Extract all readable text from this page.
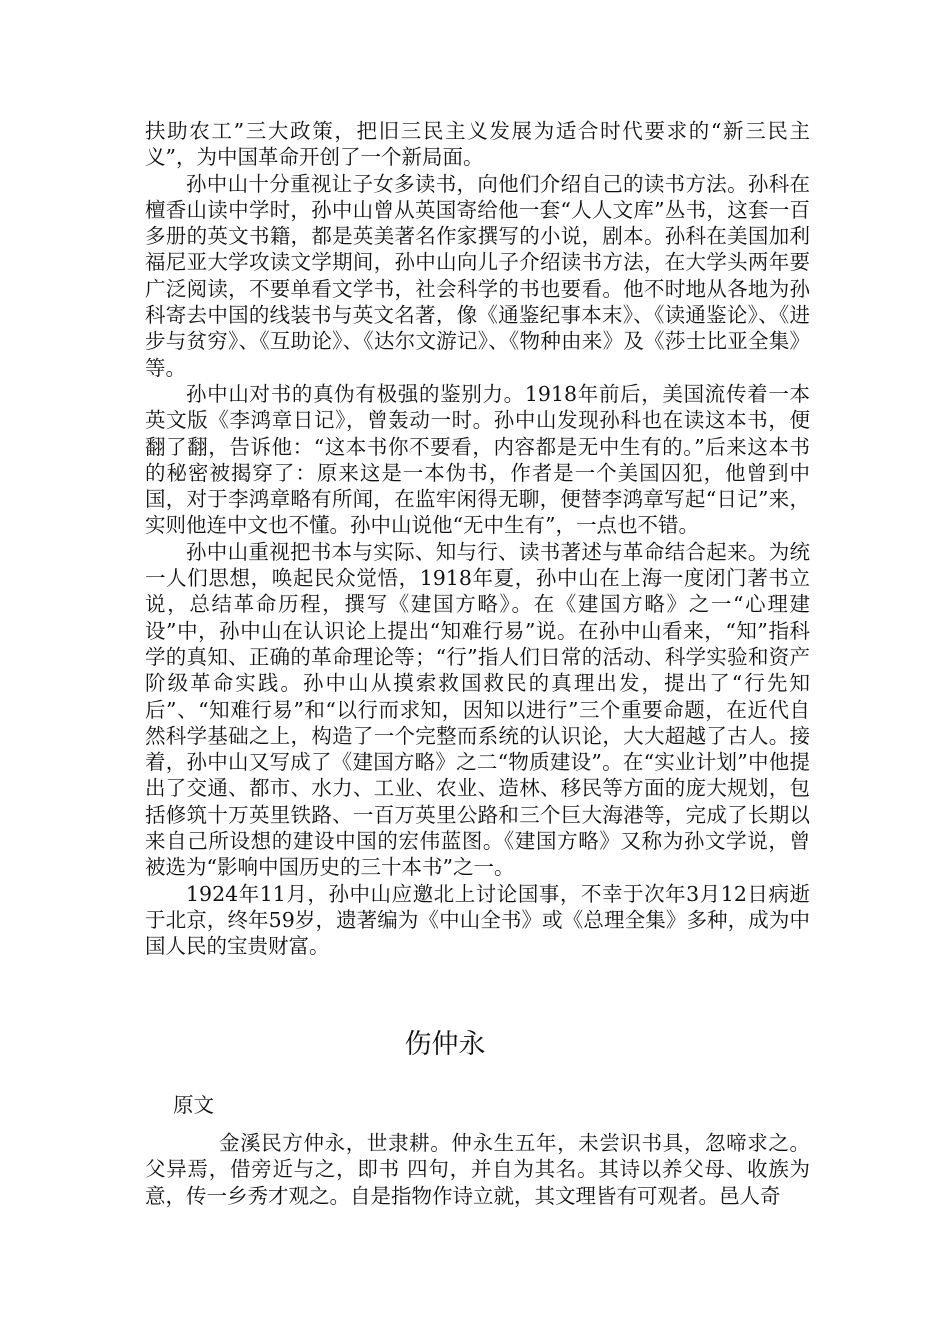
扶助农工”三大政策，把旧三民主义发展为适合时代要求的“新三民主义”，为中国革命开创了一个新局面。

孙中山十分重视让子女多读书，向他们介绍自己的读书方法。孙科在檀香山读中学时，孙中山曾从英国寄给他一套“人人文库”丛书，这套一百多册的英文书籍，都是英美著名作家撰写的小说，剧本。孙科在美国加利福尼亚大学攻读文学期间，孙中山向儿子介绍读书方法，在大学头两年要广泛阅读，不要单看文学书，社会科学的书也要看。他不时地从各地为孙科寄去中国的线装书与英文名著，像《通鉴纪事本末》、《读通鉴论》、《进步与贫穷》、《互助论》、《达尔文游记》、《物种由来》及《莎士比亚全集》等。

孙中山对书的真伪有极强的鉴别力。1918年前后，美国流传着一本英文版《李鸿章日记》，曾轰动一时。孙中山发现孙科也在读这本书，便翻了翻，告诉他：“这本书你不要看，内容都是无中生有的。”后来这本书的秘密被揭穿了：原来这是一本伪书，作者是一个美国囚犯，他曾到中国，对于李鸿章略有所闻，在监牢闲得无聊，便替李鸿章写起“日记”来，实则他连中文也不懂。孙中山说他“无中生有”，一点也不错。

孙中山重视把书本与实际、知与行、读书著述与革命结合起来。为统一人们思想，唤起民众觉悟，1918年夏，孙中山在上海一度闭门著书立说，总结革命历程，撰写《建国方略》。在《建国方略》之一“心理建设”中，孙中山在认识论上提出“知难行易”说。在孙中山看来，“知”指科学的真知、正确的革命理论等；“行”指人们日常的活动、科学实验和资产阶级革命实践。孙中山从摸索救国救民的真理出发，提出了“行先知后”、“知难行易”和“以行而求知，因知以进行”三个重要命题，在近代自然科学基础之上，构造了一个完整而系统的认识论，大大超越了古人。接着，孙中山又写成了《建国方略》之二“物质建设”。在“实业计划”中他提出了交通、都市、水力、工业、农业、造林、移民等方面的庞大规划，包括修筑十万英里铁路、一百万英里公路和三个巨大海港等，完成了长期以来自己所设想的建设中国的宏伟蓝图。《建国方略》又称为孙文学说，曾被选为“影响中国历史的三十本书”之一。

1924年11月，孙中山应邀北上讨论国事，不幸于次年3月12日病逝于北京，终年59岁，遗著编为《中山全书》或《总理全集》多种，成为中国人民的宝贵财富。

伤仲永

原文

金溪民方仲永，世隶耕。仲永生五年，未尝识书具，忽啼求之。父异焉，借旁近与之，即书 四句，并自为其名。其诗以养父母、收族为意，传一乡秀才观之。自是指物作诗立就，其文理皆有可观者。邑人奇
